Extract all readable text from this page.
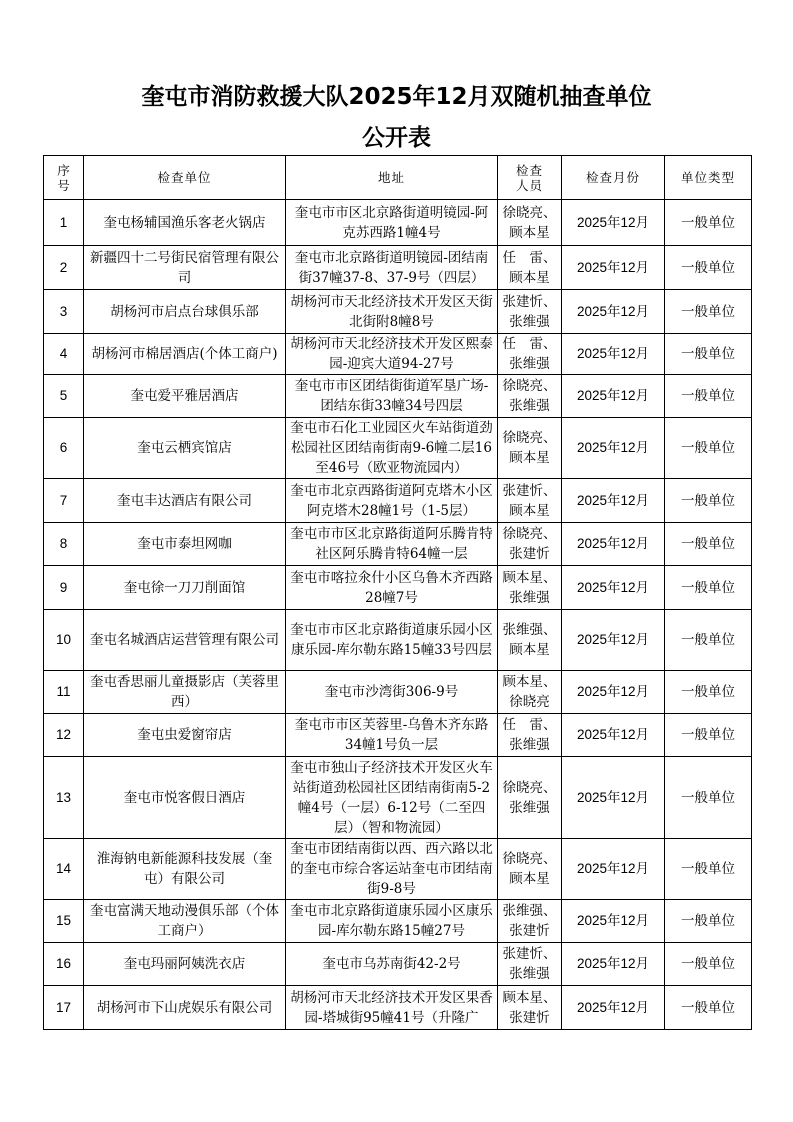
奎屯市消防救援大队2025年12月双随机抽查单位
公开表
序号	检查单位	地址	检查人员	检查月份	单位类型
1	奎屯杨辅国渔乐客老火锅店	奎屯市市区北京路街道明镜园-阿克苏西路1幢4号	徐晓亮、顾本星	2025年12月	一般单位
2	新疆四十二号街民宿管理有限公司	奎屯市北京路街道明镜园-团结南街37幢37-8、37-9号（四层）	任　雷、顾本星	2025年12月	一般单位
3	胡杨河市启点台球俱乐部	胡杨河市天北经济技术开发区天街北街附8幢8号	张建忻、张维强	2025年12月	一般单位
4	胡杨河市棉居酒店(个体工商户)	胡杨河市天北经济技术开发区熙泰园-迎宾大道94-27号	任　雷、张维强	2025年12月	一般单位
5	奎屯爱平雅居酒店	奎屯市市区团结街街道军垦广场-团结东街33幢34号四层	徐晓亮、张维强	2025年12月	一般单位
6	奎屯云栖宾馆店	奎屯市石化工业园区火车站街道劲松园社区团结南街南9-6幢二层16至46号（欧亚物流园内）	徐晓亮、顾本星	2025年12月	一般单位
7	奎屯丰达酒店有限公司	奎屯市北京西路街道阿克塔木小区阿克塔木28幢1号（1-5层）	张建忻、顾本星	2025年12月	一般单位
8	奎屯市泰坦网咖	奎屯市市区北京路街道阿乐腾肯特社区阿乐腾肯特64幢一层	徐晓亮、张建忻	2025年12月	一般单位
9	奎屯徐一刀刀削面馆	奎屯市喀拉氽什小区乌鲁木齐西路28幢7号	顾本星、张维强	2025年12月	一般单位
10	奎屯名城酒店运营管理有限公司	奎屯市市区北京路街道康乐园小区康乐园-库尔勒东路15幢33号四层	张维强、顾本星	2025年12月	一般单位
11	奎屯香思丽儿童摄影店（芙蓉里西）	奎屯市沙湾街306-9号	顾本星、徐晓亮	2025年12月	一般单位
12	奎屯虫爱窗帘店	奎屯市市区芙蓉里-乌鲁木齐东路34幢1号负一层	任　雷、张维强	2025年12月	一般单位
13	奎屯市悦客假日酒店	奎屯市独山子经济技术开发区火车站街道劲松园社区团结南街南5-2幢4号（一层）6-12号（二至四层）（智和物流园）	徐晓亮、张维强	2025年12月	一般单位
14	淮海钠电新能源科技发展（奎屯）有限公司	奎屯市团结南街以西、西六路以北的奎屯市综合客运站奎屯市团结南街9-8号	徐晓亮、顾本星	2025年12月	一般单位
15	奎屯富满天地动漫俱乐部（个体工商户）	奎屯市北京路街道康乐园小区康乐园-库尔勒东路15幢27号	张维强、张建忻	2025年12月	一般单位
16	奎屯玛丽阿姨洗衣店	奎屯市乌苏南街42-2号	张建忻、张维强	2025年12月	一般单位
17	胡杨河市下山虎娱乐有限公司	胡杨河市天北经济技术开发区果香园-塔城街95幢41号（升隆广	顾本星、张建忻	2025年12月	一般单位
